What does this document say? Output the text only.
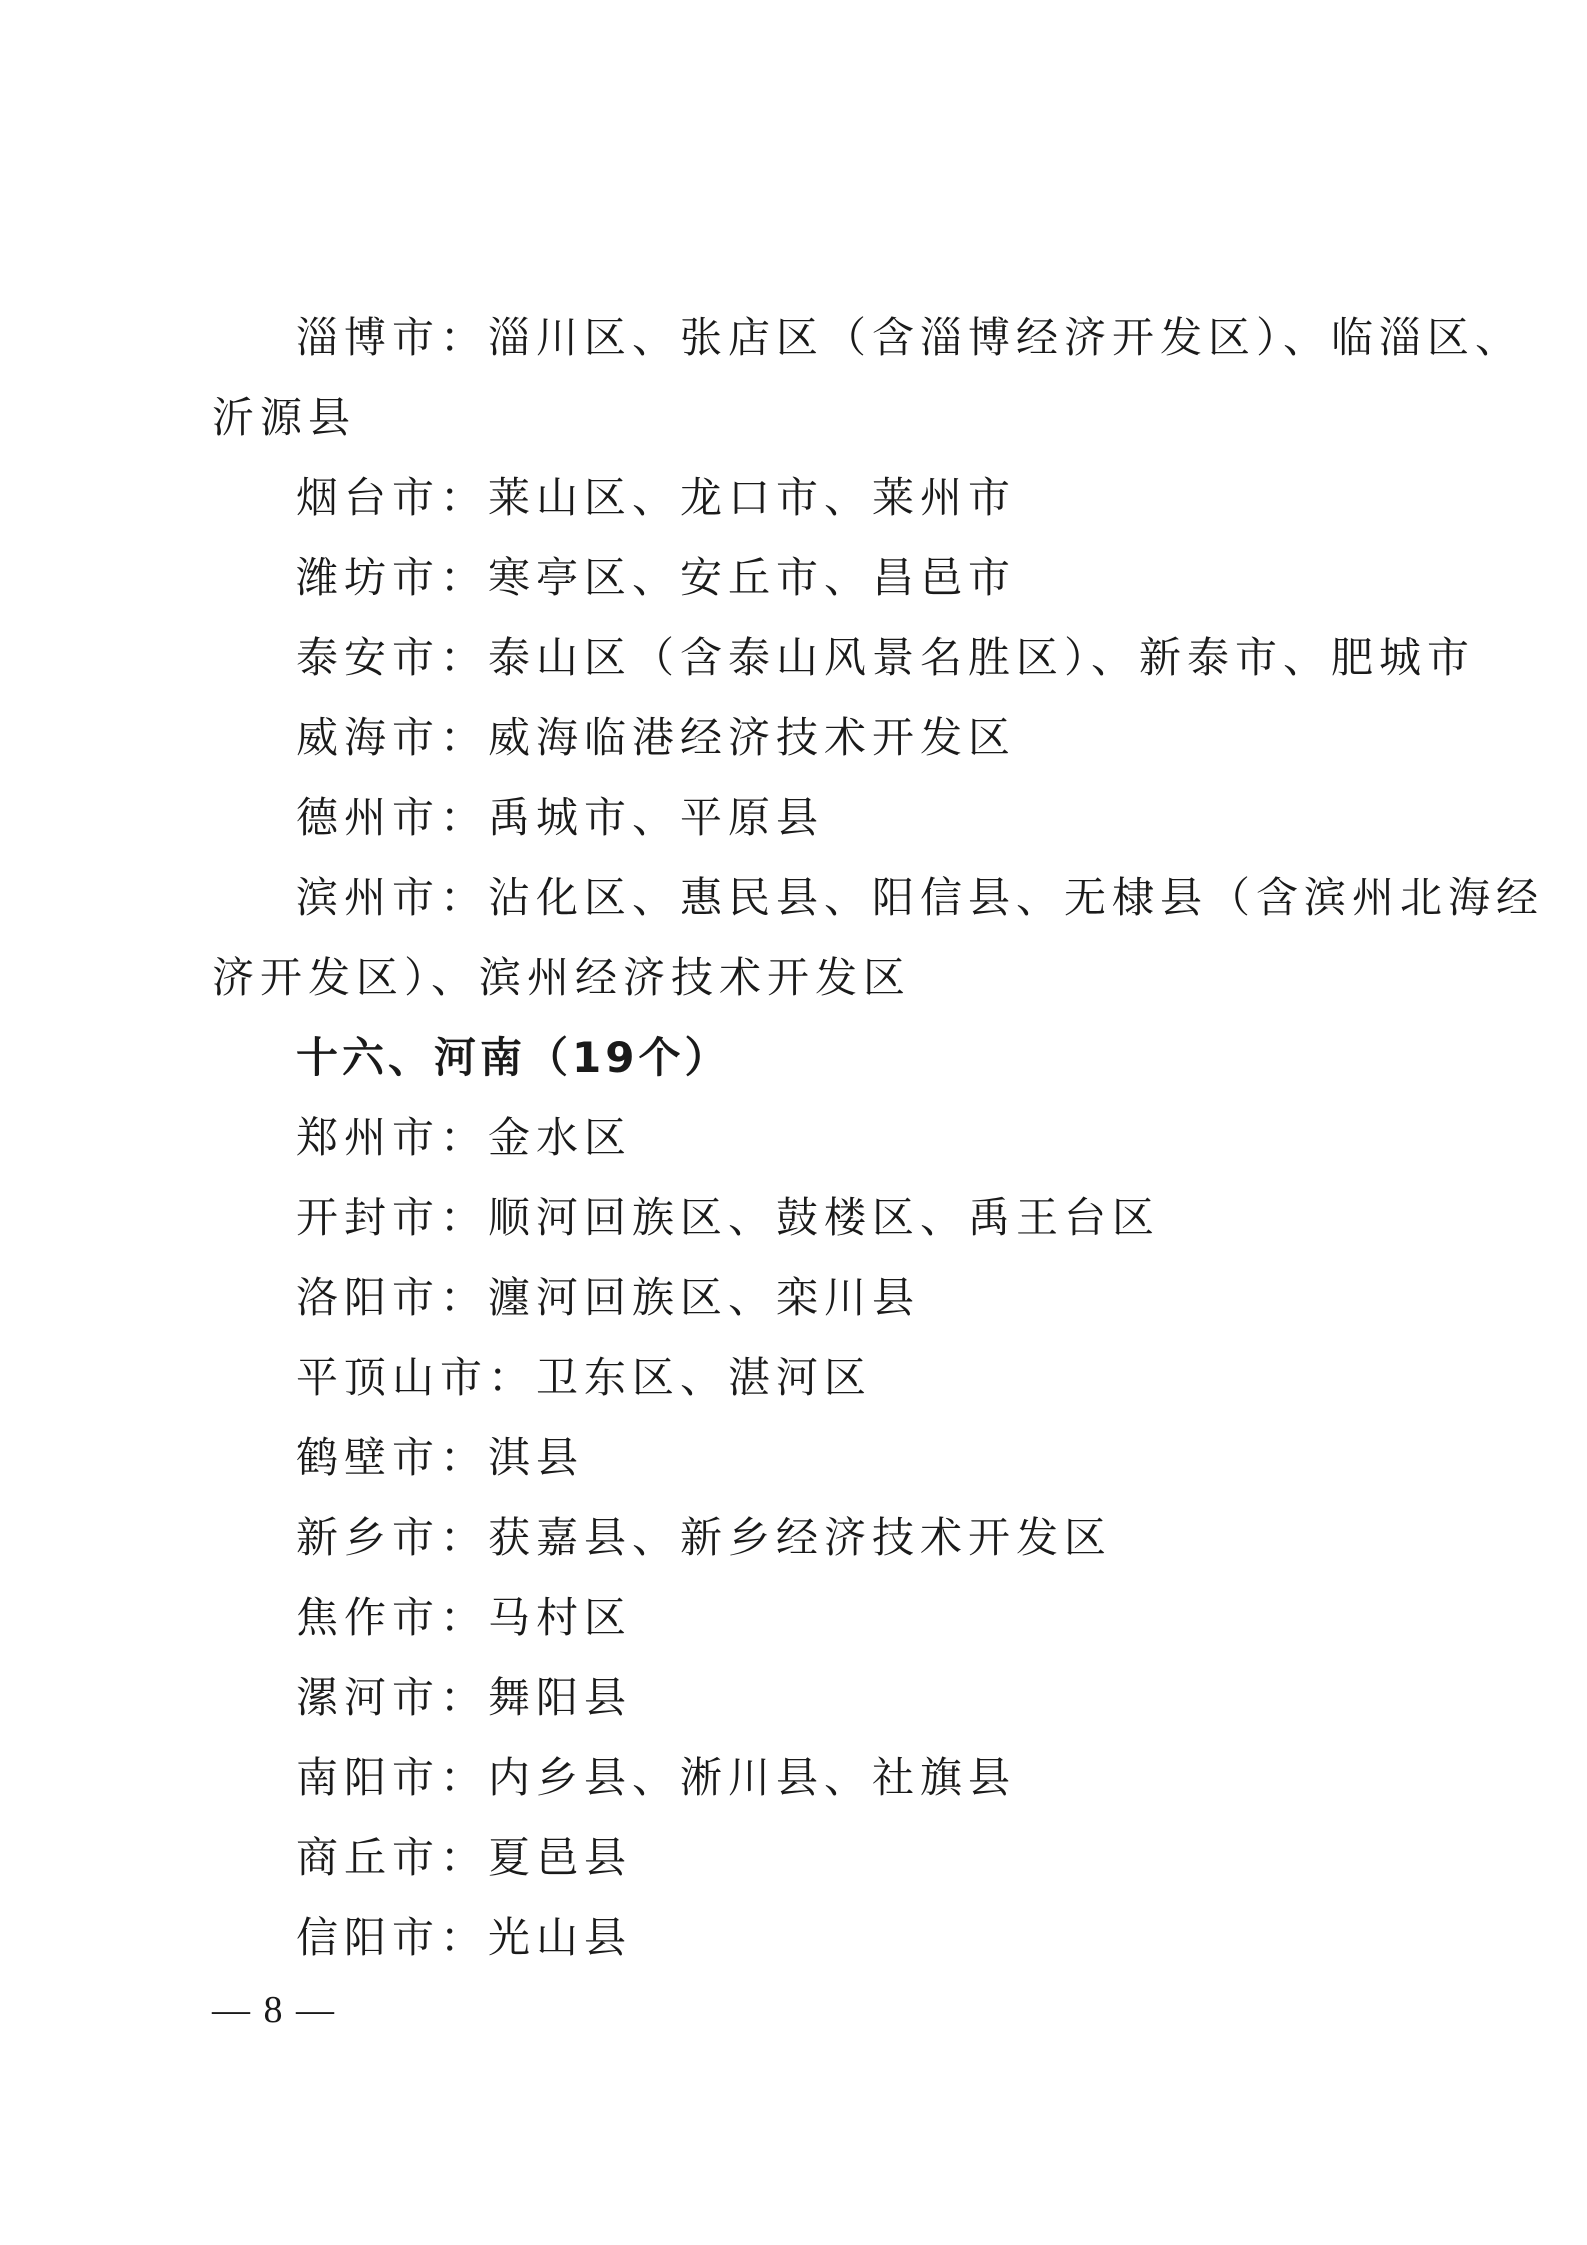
淄博市：淄川区、张店区（含淄博经济开发区）、临淄区、
沂源县
烟台市：莱山区、龙口市、莱州市
潍坊市：寒亭区、安丘市、昌邑市
泰安市：泰山区（含泰山风景名胜区）、新泰市、肥城市
威海市：威海临港经济技术开发区
德州市：禹城市、平原县
滨州市：沾化区、惠民县、阳信县、无棣县（含滨州北海经
济开发区）、滨州经济技术开发区
十六、河南（19个）
郑州市：金水区
开封市：顺河回族区、鼓楼区、禹王台区
洛阳市：瀍河回族区、栾川县
平顶山市：卫东区、湛河区
鹤壁市：淇县
新乡市：获嘉县、新乡经济技术开发区
焦作市：马村区
漯河市：舞阳县
南阳市：内乡县、淅川县、社旗县
商丘市：夏邑县
信阳市：光山县
— 8 —
